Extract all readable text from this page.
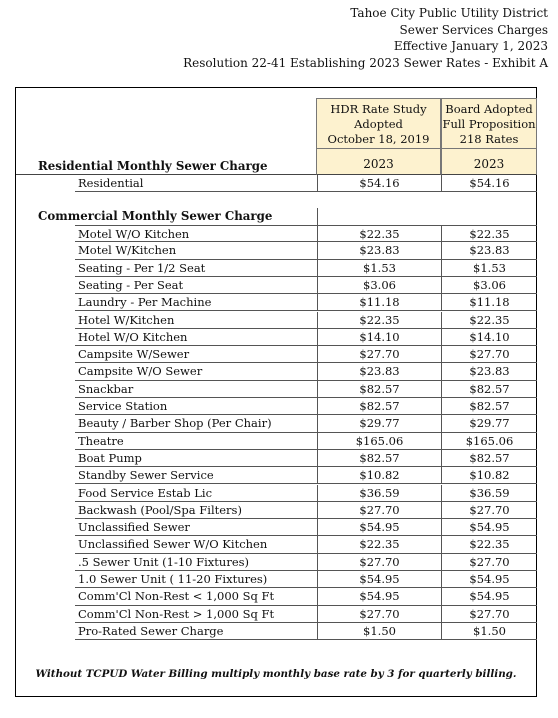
Tahoe City Public Utility District
Sewer Services Charges
Effective January 1, 2023
Resolution 22-41 Establishing 2023 Sewer Rates - Exhibit A
HDR Rate Study
Adopted
October 18, 2019
Board Adopted
Full Proposition
218 Rates
Residential Monthly Sewer Charge	2023	2023
Residential	$54.16	$54.16
Commercial Monthly Sewer Charge
Motel W/O Kitchen	$22.35	$22.35
Motel W/Kitchen	$23.83	$23.83
Seating - Per 1/2 Seat	$1.53	$1.53
Seating - Per Seat	$3.06	$3.06
Laundry - Per Machine	$11.18	$11.18
Hotel W/Kitchen	$22.35	$22.35
Hotel W/O Kitchen	$14.10	$14.10
Campsite W/Sewer	$27.70	$27.70
Campsite W/O Sewer	$23.83	$23.83
Snackbar	$82.57	$82.57
Service Station	$82.57	$82.57
Beauty / Barber Shop (Per Chair)	$29.77	$29.77
Theatre	$165.06	$165.06
Boat Pump	$82.57	$82.57
Standby Sewer Service	$10.82	$10.82
Food Service Estab Lic	$36.59	$36.59
Backwash (Pool/Spa Filters)	$27.70	$27.70
Unclassified Sewer	$54.95	$54.95
Unclassified Sewer W/O Kitchen	$22.35	$22.35
.5 Sewer Unit (1-10 Fixtures)	$27.70	$27.70
1.0 Sewer Unit ( 11-20 Fixtures)	$54.95	$54.95
Comm'Cl Non-Rest < 1,000 Sq Ft	$54.95	$54.95
Comm'Cl Non-Rest > 1,000 Sq Ft	$27.70	$27.70
Pro-Rated Sewer Charge	$1.50	$1.50
Without TCPUD Water Billing multiply monthly base rate by 3 for quarterly billing.
